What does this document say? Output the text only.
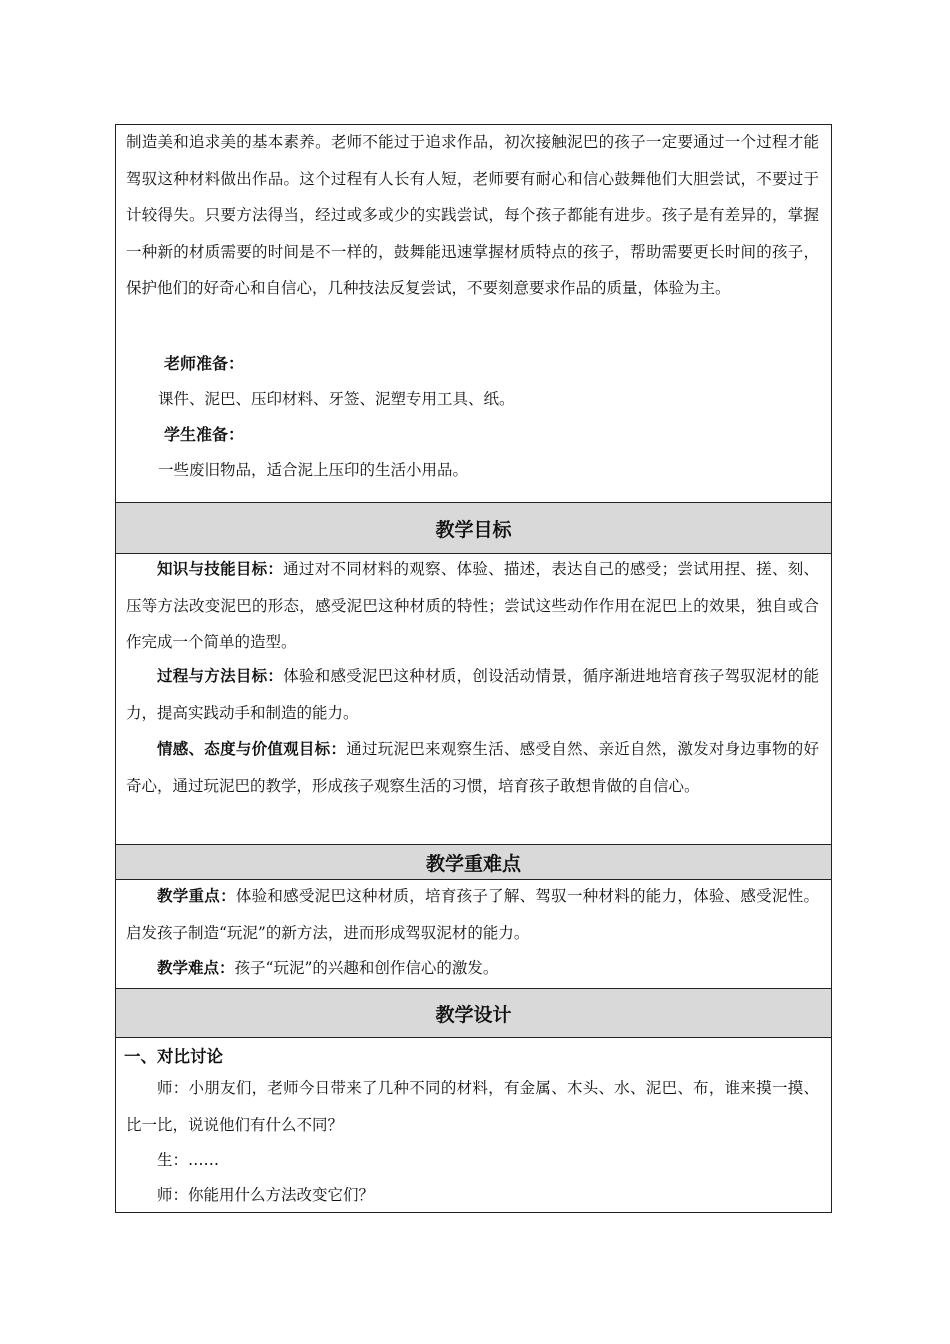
制造美和追求美的基本素养。老师不能过于追求作品，初次接触泥巴的孩子一定要通过一个过程才能驾驭这种材料做出作品。这个过程有人长有人短，老师要有耐心和信心鼓舞他们大胆尝试，不要过于计较得失。只要方法得当，经过或多或少的实践尝试，每个孩子都能有进步。孩子是有差异的，掌握一种新的材质需要的时间是不一样的，鼓舞能迅速掌握材质特点的孩子，帮助需要更长时间的孩子，保护他们的好奇心和自信心，几种技法反复尝试，不要刻意要求作品的质量，体验为主。

老师准备：

课件、泥巴、压印材料、牙签、泥塑专用工具、纸。

学生准备：

一些废旧物品，适合泥上压印的生活小用品。

教学目标

知识与技能目标：通过对不同材料的观察、体验、描述，表达自己的感受；尝试用捏、搓、刻、压等方法改变泥巴的形态，感受泥巴这种材质的特性；尝试这些动作作用在泥巴上的效果，独自或合作完成一个简单的造型。

过程与方法目标：体验和感受泥巴这种材质，创设活动情景，循序渐进地培育孩子驾驭泥材的能力，提高实践动手和制造的能力。

情感、态度与价值观目标：通过玩泥巴来观察生活、感受自然、亲近自然，激发对身边事物的好奇心，通过玩泥巴的教学，形成孩子观察生活的习惯，培育孩子敢想肯做的自信心。

教学重难点

教学重点：体验和感受泥巴这种材质，培育孩子了解、驾驭一种材料的能力，体验、感受泥性。启发孩子制造“玩泥”的新方法，进而形成驾驭泥材的能力。

教学难点：孩子“玩泥”的兴趣和创作信心的激发。

教学设计

一、对比讨论

师：小朋友们，老师今日带来了几种不同的材料，有金属、木头、水、泥巴、布，谁来摸一摸、比一比，说说他们有什么不同？

生：……

师：你能用什么方法改变它们？
